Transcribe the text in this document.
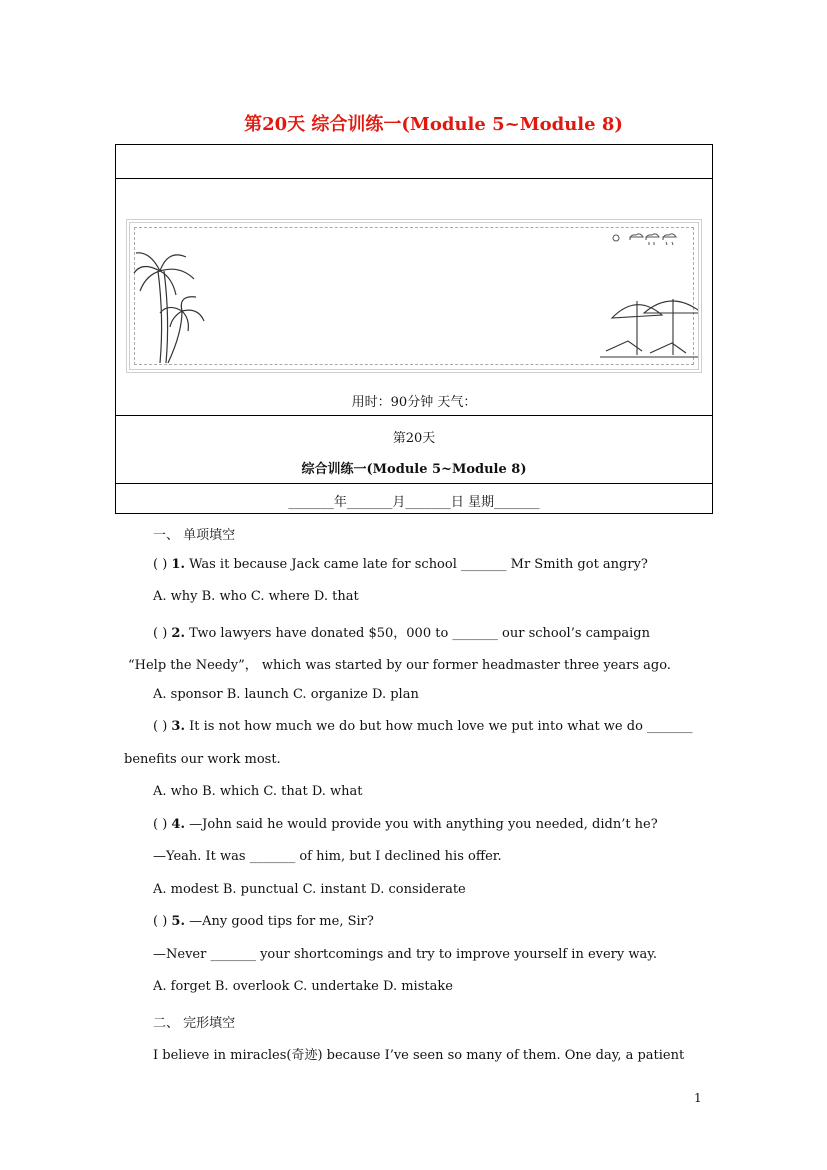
第20天 综合训练一(Module 5~Module 8)
用时：90分钟 天气：
第20天
综合训练一(Module 5~Module 8)
_______年_______月_______日 星期_______
一、 单项填空
( ) 1. Was it because Jack came late for school _______ Mr Smith got angry?
A. why B. who C. where D. that
( ) 2. Two lawyers have donated $50，000 to _______ our school’s campaign
“Help the Needy”， which was started by our former headmaster three years ago.
A. sponsor B. launch C. organize D. plan
( ) 3. It is not how much we do but how much love we put into what we do _______
benefits our work most.
A. who B. which C. that D. what
( ) 4. —John said he would provide you with anything you needed, didn’t he?
—Yeah. It was _______ of him, but I declined his offer.
A. modest B. punctual C. instant D. considerate
( ) 5. —Any good tips for me, Sir?
—Never _______ your shortcomings and try to improve yourself in every way.
A. forget B. overlook C. undertake D. mistake
二、 完形填空
I believe in miracles(奇迹) because I’ve seen so many of them. One day, a patient
1
